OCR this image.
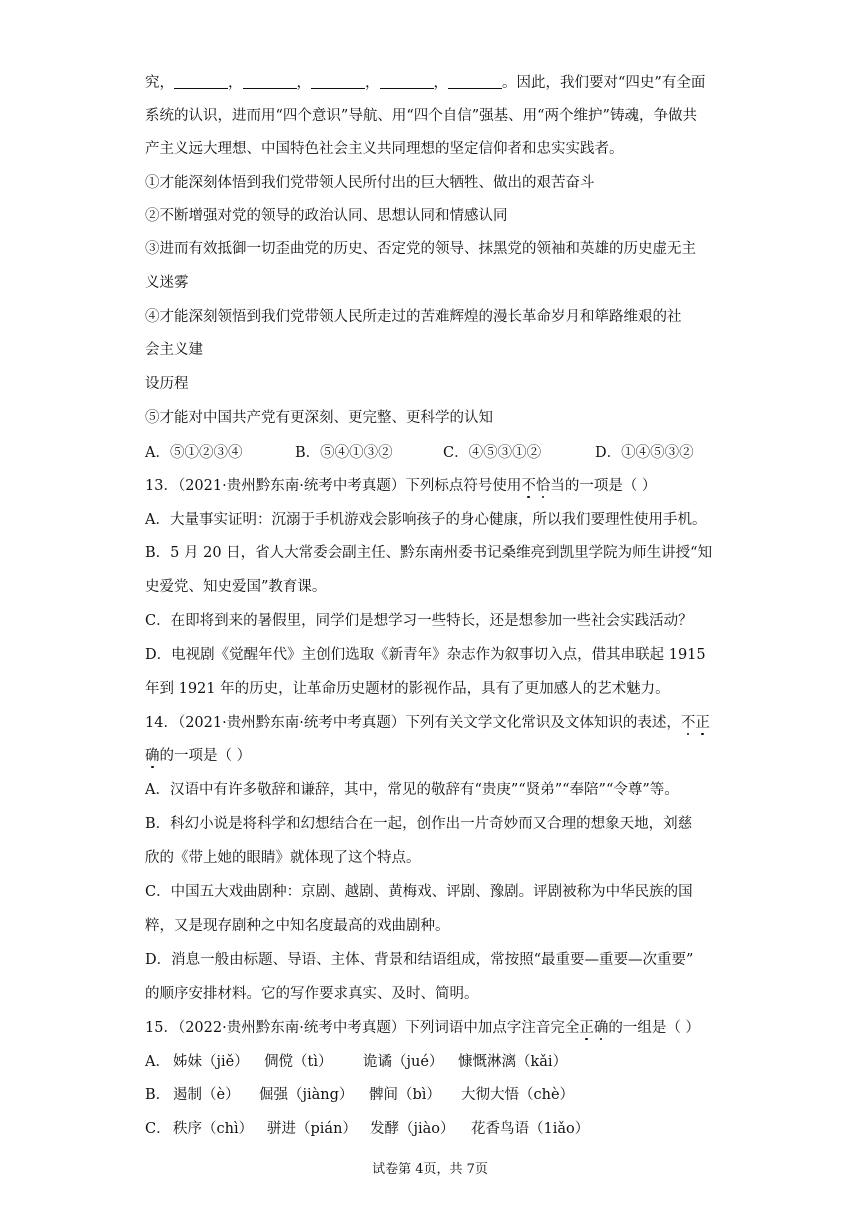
究，	，	，	，	，	。因此，我们要对“四史”有全面
系统的认识，进而用“四个意识”导航、用“四个自信”强基、用“两个维护”铸魂，争做共
产主义远大理想、中国特色社会主义共同理想的坚定信仰者和忠实实践者。
①才能深刻体悟到我们党带领人民所付出的巨大牺牲、做出的艰苦奋斗
②不断增强对党的领导的政治认同、思想认同和情感认同
③进而有效抵御一切歪曲党的历史、否定党的领导、抹黑党的领袖和英雄的历史虚无主
义迷雾
④才能深刻领悟到我们党带领人民所走过的苦难辉煌的漫长革命岁月和筚路维艰的社
会主义建
设历程
⑤才能对中国共产党有更深刻、更完整、更科学的认知
A．⑤①②③④	B．⑤④①③②	C．④⑤③①②	D．①④⑤③②
13．（2021·贵州黔东南·统考中考真题）下列标点符号使用不恰当的一项是（ ）
A．大量事实证明：沉溺于手机游戏会影响孩子的身心健康，所以我们要理性使用手机。
B．5 月 20 日，省人大常委会副主任、黔东南州委书记桑维亮到凯里学院为师生讲授“知
史爱党、知史爱国”教育课。
C．在即将到来的暑假里，同学们是想学习一些特长，还是想参加一些社会实践活动？
D．电视剧《觉醒年代》主创们选取《新青年》杂志作为叙事切入点，借其串联起 1915
年到 1921 年的历史，让革命历史题材的影视作品，具有了更加感人的艺术魅力。
14．（2021·贵州黔东南·统考中考真题）下列有关文学文化常识及文体知识的表述，不正
确的一项是（ ）
A．汉语中有许多敬辞和谦辞，其中，常见的敬辞有“贵庚”“贤弟”“奉陪”“令尊”等。
B．科幻小说是将科学和幻想结合在一起，创作出一片奇妙而又合理的想象天地，刘慈
欣的《带上她的眼睛》就体现了这个特点。
C．中国五大戏曲剧种：京剧、越剧、黄梅戏、评剧、豫剧。评剧被称为中华民族的国
粹，又是现存剧种之中知名度最高的戏曲剧种。
D．消息一般由标题、导语、主体、背景和结语组成，常按照“最重要—重要—次重要”
的顺序安排材料。它的写作要求真实、及时、简明。
15．（2022·贵州黔东南·统考中考真题）下列词语中加点字注音完全正确的一组是（ ）
A． 姊妹（jiě）	倜傥（tì）	诡谲（jué）	慷慨淋漓（kǎi）
B． 遏制（è）	倔强（jiàng）	髀间（bì）	大彻大悟（chè）
C． 秩序（chì） 骈进（pián） 发酵（jiào）	花香鸟语（1iǎo）
试卷第 4页，共 7页
